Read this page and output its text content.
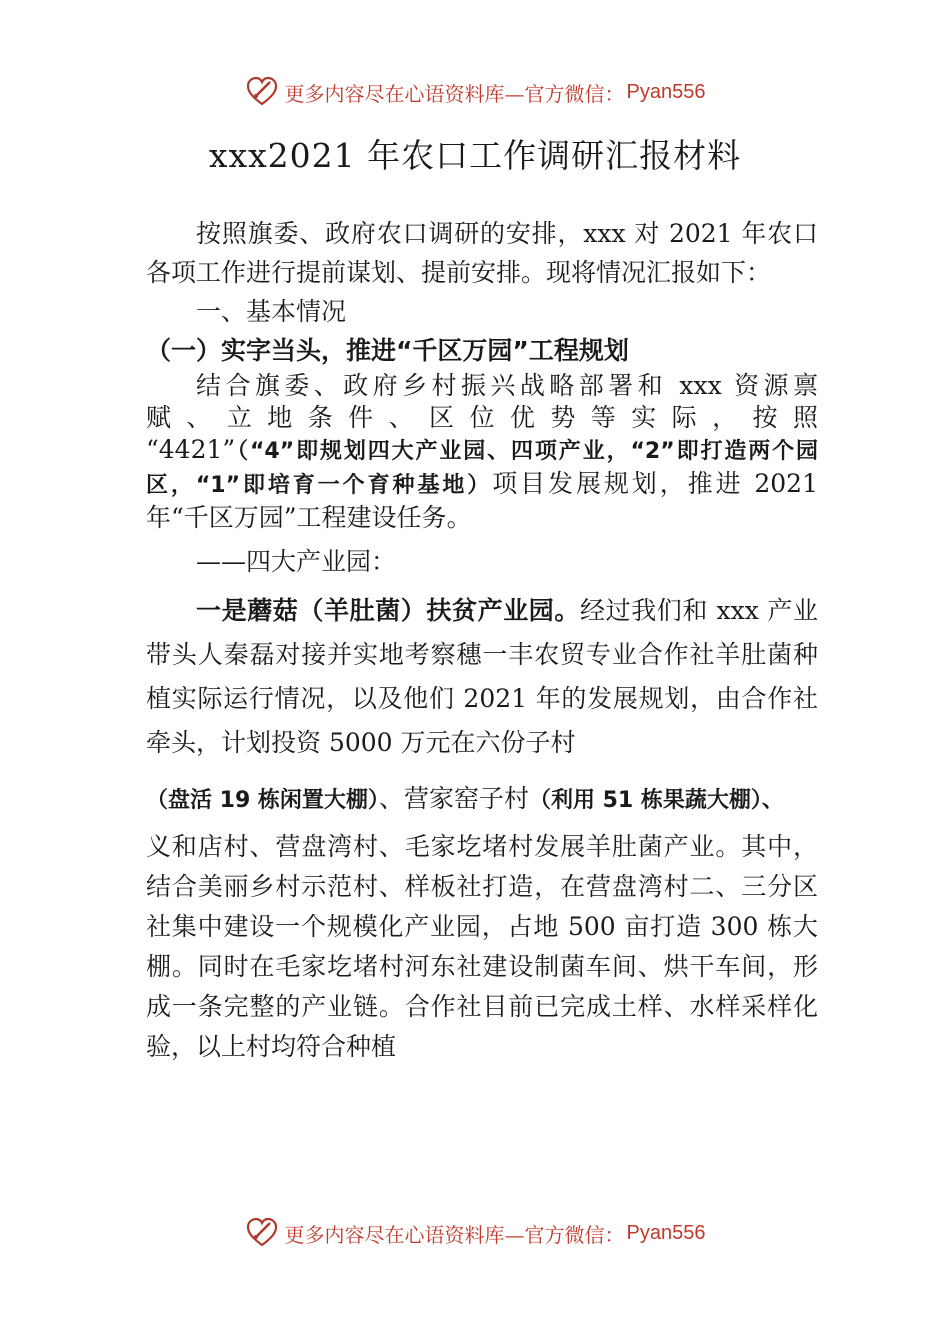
更多内容尽在心语资料库—官方微信： Pyan556
xxx2021 年农口工作调研汇报材料

按照旗委、政府农口调研的安排，xxx 对 2021 年农口各项工作进行提前谋划、提前安排。现将情况汇报如下：

一、基本情况

（一）实字当头，推进“千区万园”工程规划

结合旗委、政府乡村振兴战略部署和 xxx 资源禀

赋、立地条件、区位优势等实际，按照

“4421”（“4”即规划四大产业园、四项产业，“2”即打造两个园区，“1”即培育一个育种基地）项目发展规划，推进 2021 年“千区万园”工程建设任务。

——四大产业园：

一是蘑菇（羊肚菌）扶贫产业园。经过我们和 xxx 产业带头人秦磊对接并实地考察穗一丰农贸专业合作社羊肚菌种植实际运行情况，以及他们 2021 年的发展规划，由合作社牵头，计划投资 5000 万元在六份子村

（盘活 19 栋闲置大棚）、营家窑子村（利用 51 栋果蔬大棚）、

义和店村、营盘湾村、毛家圪堵村发展羊肚菌产业。其中，结合美丽乡村示范村、样板社打造，在营盘湾村二、三分区社集中建设一个规模化产业园，占地 500 亩打造 300 栋大棚。同时在毛家圪堵村河东社建设制菌车间、烘干车间，形成一条完整的产业链。合作社目前已完成土样、水样采样化验，以上村均符合种植

更多内容尽在心语资料库—官方微信： Pyan556
